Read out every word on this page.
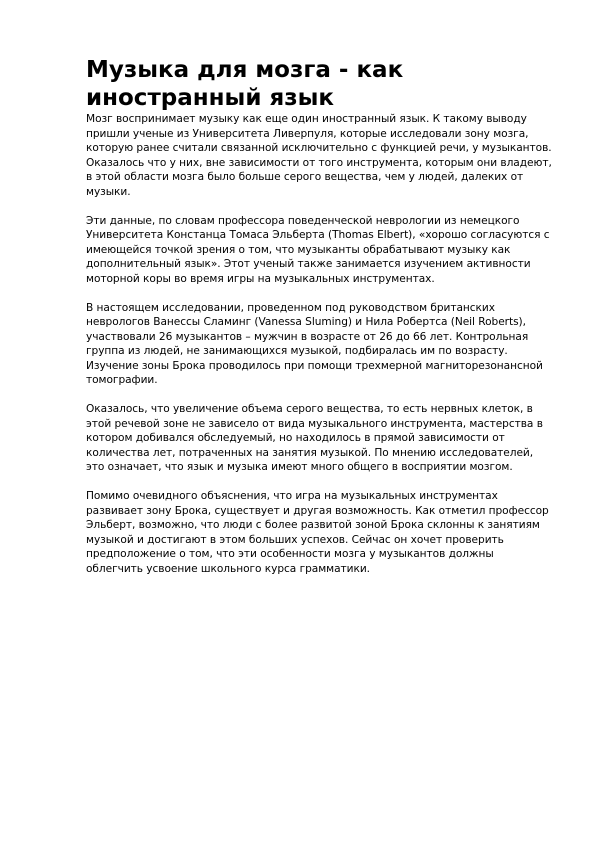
Музыка для мозга - как иностранный язык

Мозг воспринимает музыку как еще один иностранный язык. К такому выводу пришли ученые из Университета Ливерпуля, которые исследовали зону мозга, которую ранее считали связанной исключительно с функцией речи, у музыкантов. Оказалось что у них, вне зависимости от того инструмента, которым они владеют, в этой области мозга было больше серого вещества, чем у людей, далеких от музыки.

Эти данные, по словам профессора поведенческой неврологии из немецкого Университета Констанца Томаса Эльберта (Thomas Elbert), «хорошо согласуются с имеющейся точкой зрения о том, что музыканты обрабатывают музыку как дополнительный язык». Этот ученый также занимается изучением активности моторной коры во время игры на музыкальных инструментах.

В настоящем исследовании, проведенном под руководством британских неврологов Ванессы Сламинг (Vanessa Sluming) и Нила Робертса (Neil Roberts), участвовали 26 музыкантов – мужчин в возрасте от 26 до 66 лет. Контрольная группа из людей, не занимающихся музыкой, подбиралась им по возрасту. Изучение зоны Брока проводилось при помощи трехмерной магниторезонансной томографии.

Оказалось, что увеличение объема серого вещества, то есть нервных клеток, в этой речевой зоне не зависело от вида музыкального инструмента, мастерства в котором добивался обследуемый, но находилось в прямой зависимости от количества лет, потраченных на занятия музыкой. По мнению исследователей, это означает, что язык и музыка имеют много общего в восприятии мозгом.

Помимо очевидного объяснения, что игра на музыкальных инструментах развивает зону Брока, существует и другая возможность. Как отметил профессор Эльберт, возможно, что люди с более развитой зоной Брока склонны к занятиям музыкой и достигают в этом больших успехов. Сейчас он хочет проверить предположение о том, что эти особенности мозга у музыкантов должны облегчить усвоение школьного курса грамматики.
